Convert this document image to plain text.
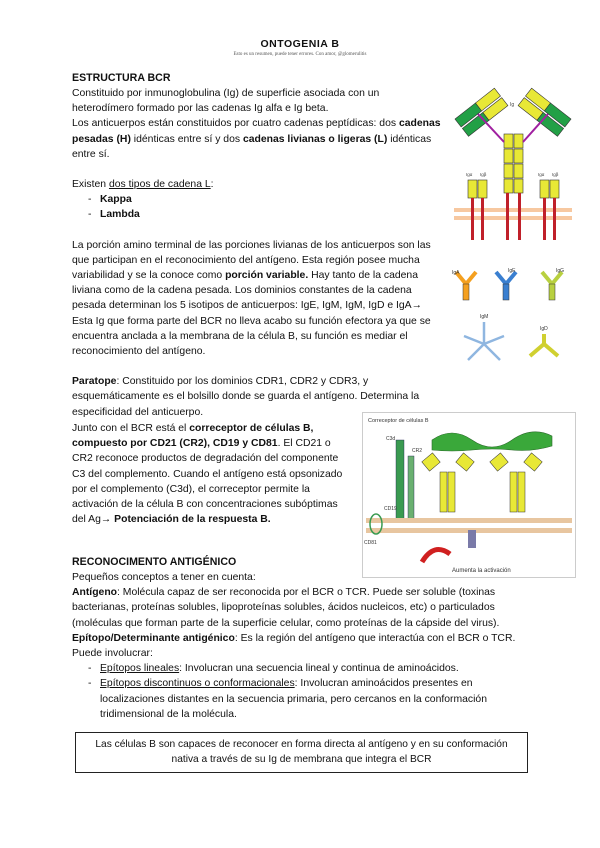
ONTOGENIA B
Esto es un resumen, puede tener errores. Con amor, @glomerulitis
ESTRUCTURA BCR

Constituido por inmunoglobulina (Ig) de superficie asociada con un heterodímero formado por las cadenas Ig alfa e Ig beta.

Los anticuerpos están constituidos por cuatro cadenas peptídicas: dos cadenas pesadas (H) idénticas entre sí y dos cadenas livianas o ligeras (L) idénticas entre sí.

Existen dos tipos de cadena L:

- Kappa
- Lambda

La porción amino terminal de las porciones livianas de los anticuerpos son las que participan en el reconocimiento del antígeno. Esta región posee mucha variabilidad y se la conoce como porción variable. Hay tanto de la cadena liviana como de la cadena pesada. Los dominios constantes de la cadena pesada determinan los 5 isotipos de anticuerpos: IgE, IgM, IgM, IgD e IgA→ Esta Ig que forma parte del BCR no lleva acabo su función efectora ya que se encuentra anclada a la membrana de la célula B, su función es mediar el reconocimiento del antígeno.

Paratope: Constituido por los dominios CDR1, CDR2 y CDR3, y esquemáticamente es el bolsillo donde se guarda el antígeno. Determina la especificidad del anticuerpo.

Junto con el BCR está el correceptor de células B, compuesto por CD21 (CR2), CD19 y CD81. El CD21 o CR2 reconoce productos de degradación del componente C3 del complemento. Cuando el antígeno está opsonizado por el complemento (C3d), el correceptor permite la activación de la célula B con concentraciones subóptimas del Ag→ Potenciación de la respuesta B.

RECONOCIMENTO ANTIGÉNICO

Pequeños conceptos a tener en cuenta:

Antígeno: Molécula capaz de ser reconocida por el BCR o TCR. Puede ser soluble (toxinas bacterianas, proteínas solubles, lipoproteínas solubles, ácidos nucleicos, etc) o particulados (moléculas que forman parte de la superficie celular, como proteínas de la cápside del virus).

Epítopo/Determinante antigénico: Es la región del antígeno que interactúa con el BCR o TCR. Puede involucrar:

- Epítopos lineales: Involucran una secuencia lineal y continua de aminoácidos.
- Epítopos discontinuos o conformacionales: Involucran aminoácidos presentes en localizaciones distantes en la secuencia primaria, pero cercanos en la conformación tridimensional de la molécula.
Las células B son capaces de reconocer en forma directa al antígeno y en su conformación nativa a través de su Ig de membrana que integra el BCR
Ig
Igα Igβ	Igα Igβ
IgA	IgE	IgG
IgM
IgD
Correceptor de células B
C3d
CR2
CD19
CD81
Aumenta la activación
